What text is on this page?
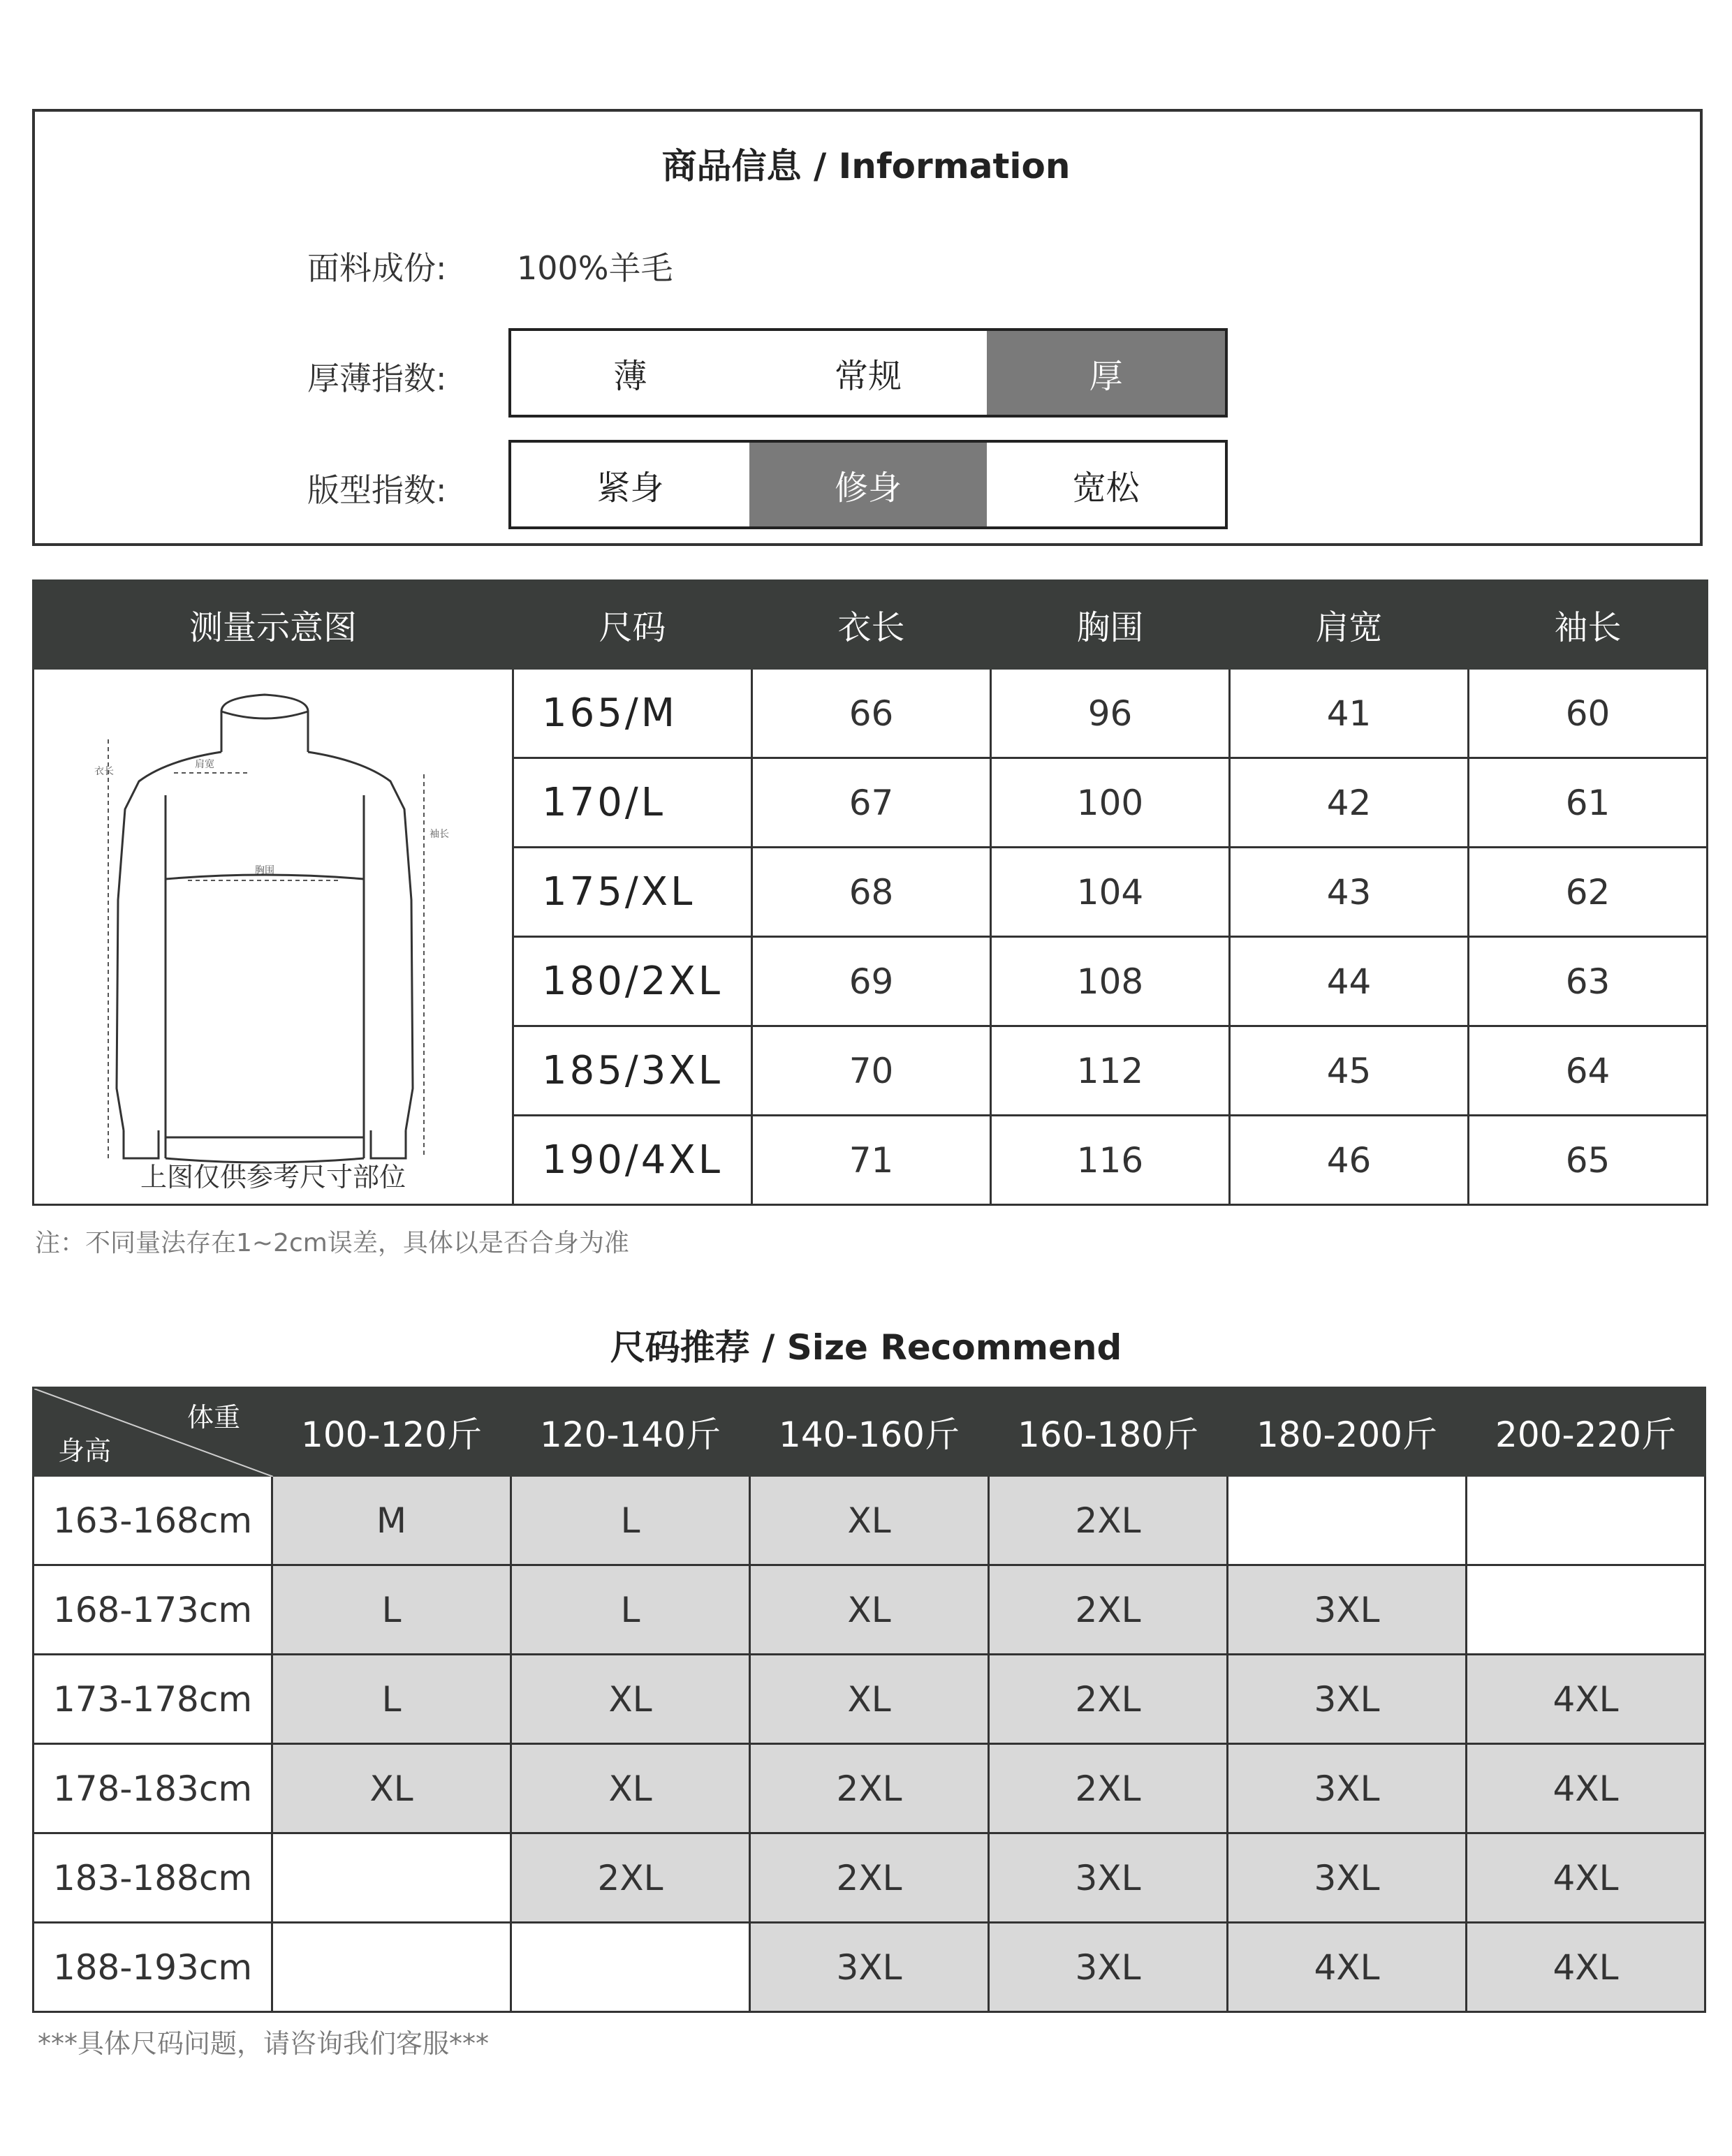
商品信息 / Information
面料成份:	100%羊毛
厚薄指数:	薄	常规	厚
版型指数:	紧身	修身	宽松
测量示意图	尺码	衣长	胸围	肩宽	袖长

衣长
肩宽
袖长
胸围
上图仅供参考尺寸部位	165/M	66	96	41	60
	170/L	67	100	42	61
	175/XL	68	104	43	62
	180/2XL	69	108	44	63
	185/3XL	70	112	45	64
	190/4XL	71	116	46	65
注：不同量法存在1~2cm误差，具体以是否合身为准
尺码推荐 / Size Recommend
体重
身高	100-120斤	120-140斤	140-160斤	160-180斤	180-200斤	200-220斤
163-168cm	M	L	XL	2XL		
168-173cm	L	L	XL	2XL	3XL	
173-178cm	L	XL	XL	2XL	3XL	4XL
178-183cm	XL	XL	2XL	2XL	3XL	4XL
183-188cm		2XL	2XL	3XL	3XL	4XL
188-193cm			3XL	3XL	4XL	4XL
***具体尺码问题，请咨询我们客服***
